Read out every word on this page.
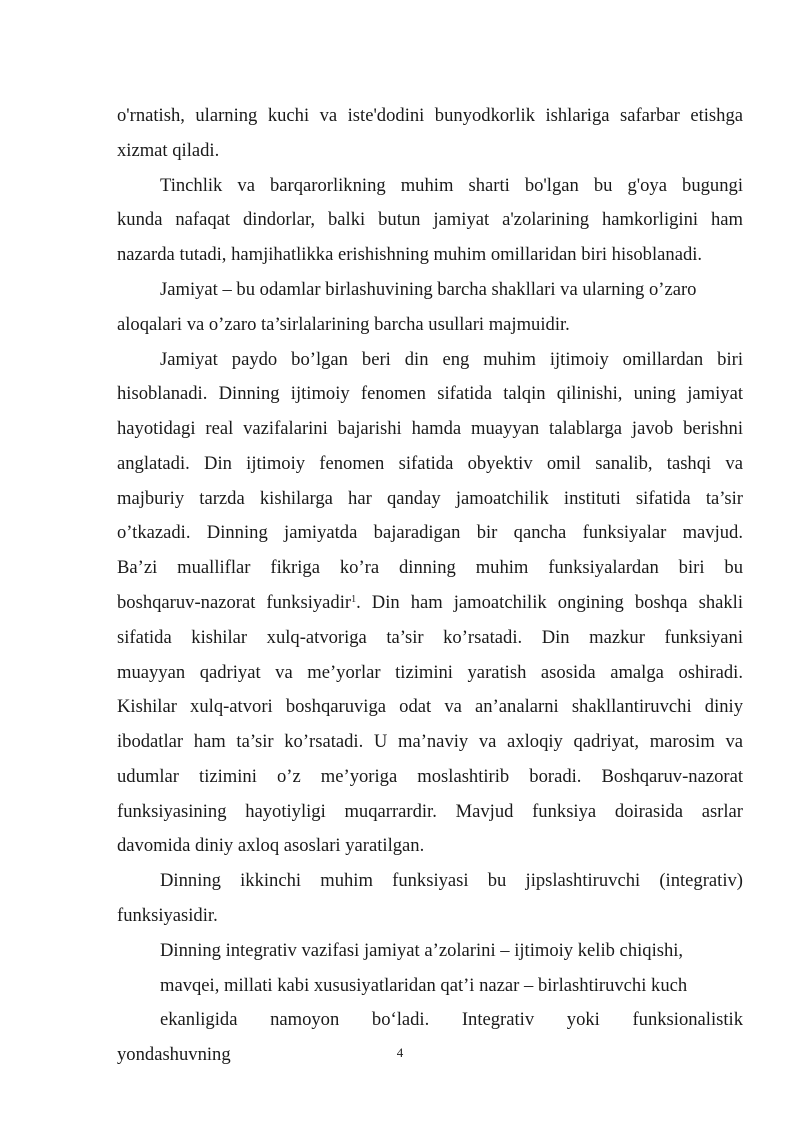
o'rnatish, ularning kuchi va iste'dodini bunyodkorlik ishlariga safarbar etishga
xizmat qiladi.
Tinchlik va barqarorlikning muhim sharti bo'lgan bu g'oya bugungi
kunda nafaqat dindorlar, balki butun jamiyat a'zolarining hamkorligini ham
nazarda tutadi, hamjihatlikka erishishning muhim omillaridan biri hisoblanadi.
Jamiyat – bu odamlar birlashuvining barcha shakllari va ularning o’zaro
aloqalari va o’zaro ta’sirlalarining barcha usullari majmuidir.
Jamiyat paydo bo’lgan beri din eng muhim ijtimoiy omillardan biri
hisoblanadi. Dinning ijtimoiy fenomen sifatida talqin qilinishi, uning jamiyat
hayotidagi real vazifalarini bajarishi hamda muayyan talablarga javob berishni
anglatadi. Din ijtimoiy fenomen sifatida obyektiv omil sanalib, tashqi va
majburiy tarzda kishilarga har qanday jamoatchilik instituti sifatida ta’sir
o’tkazadi. Dinning jamiyatda bajaradigan bir qancha funksiyalar mavjud.
Ba’zi mualliflar fikriga ko’ra dinning muhim funksiyalardan biri bu
boshqaruv-nazorat funksiyadir$^1$. Din ham jamoatchilik ongining boshqa shakli
sifatida kishilar xulq-atvoriga ta’sir ko’rsatadi. Din mazkur funksiyani
muayyan qadriyat va me’yorlar tizimini yaratish asosida amalga oshiradi.
Kishilar xulq-atvori boshqaruviga odat va an’analarni shakllantiruvchi diniy
ibodatlar ham ta’sir ko’rsatadi. U ma’naviy va axloqiy qadriyat, marosim va
udumlar tizimini o’z me’yoriga moslashtirib boradi. Boshqaruv-nazorat
funksiyasining hayotiyligi muqarrardir. Mavjud funksiya doirasida asrlar
davomida diniy axloq asoslari yaratilgan.
Dinning ikkinchi muhim funksiyasi bu jipslashtiruvchi (integrativ)
funksiyasidir.
Dinning integrativ vazifasi jamiyat a’zolarini – ijtimoiy kelib chiqishi,
mavqei, millati kabi xususiyatlaridan qat’i nazar – birlashtiruvchi kuch
ekanligida namoyon bo‘ladi. Integrativ yoki funksionalistik
yondashuvning	4
